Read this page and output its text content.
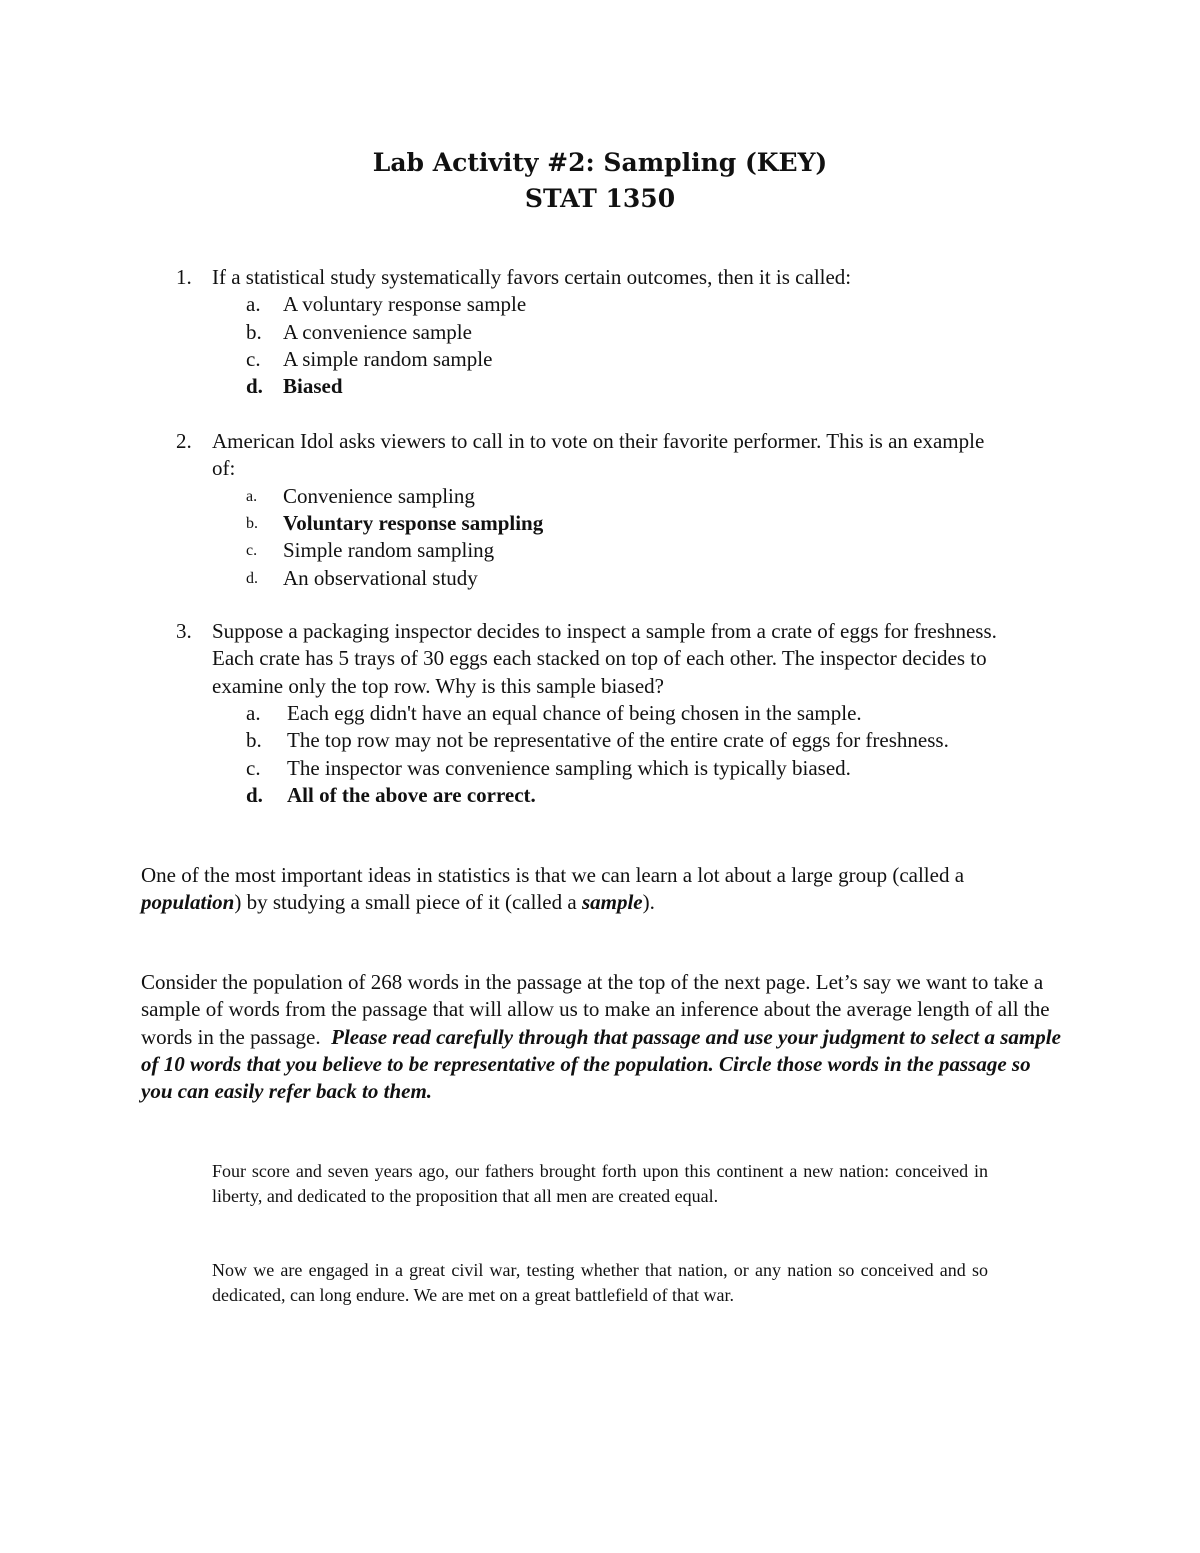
Lab Activity #2: Sampling (KEY)
STAT 1350
1. If a statistical study systematically favors certain outcomes, then it is called:
a. A voluntary response sample
b. A convenience sample
c. A simple random sample
d. Biased
2. American Idol asks viewers to call in to vote on their favorite performer. This is an example of:
a. Convenience sampling
b. Voluntary response sampling
c. Simple random sampling
d. An observational study
3. Suppose a packaging inspector decides to inspect a sample from a crate of eggs for freshness. Each crate has 5 trays of 30 eggs each stacked on top of each other. The inspector decides to examine only the top row. Why is this sample biased?
a. Each egg didn't have an equal chance of being chosen in the sample.
b. The top row may not be representative of the entire crate of eggs for freshness.
c. The inspector was convenience sampling which is typically biased.
d. All of the above are correct.
One of the most important ideas in statistics is that we can learn a lot about a large group (called a population) by studying a small piece of it (called a sample).
Consider the population of 268 words in the passage at the top of the next page. Let’s say we want to take a sample of words from the passage that will allow us to make an inference about the average length of all the words in the passage. Please read carefully through that passage and use your judgment to select a sample of 10 words that you believe to be representative of the population. Circle those words in the passage so you can easily refer back to them.
Four score and seven years ago, our fathers brought forth upon this continent a new nation: conceived in liberty, and dedicated to the proposition that all men are created equal.
Now we are engaged in a great civil war, testing whether that nation, or any nation so conceived and so dedicated, can long endure. We are met on a great battlefield of that war.
